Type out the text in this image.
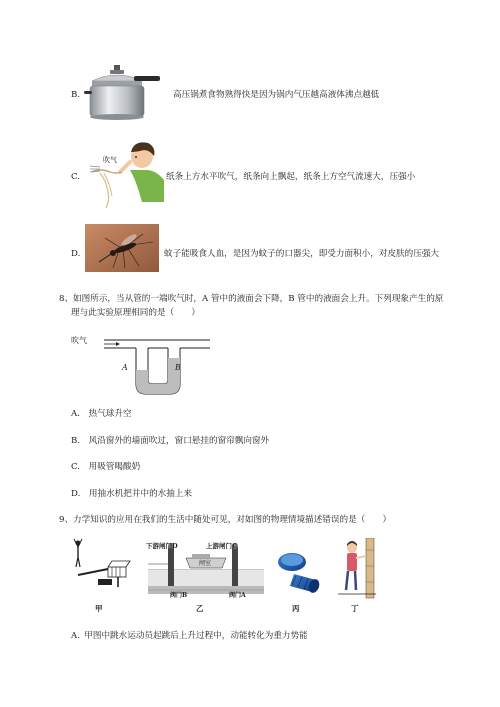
B.	高压锅煮食物熟得快是因为锅内气压越高液体沸点越低
C.
吹气
纸条上方水平吹气，纸条向上飘起，纸条上方空气流速大，压强小
D.	蚊子能吸食人血，是因为蚊子的口器尖，即受力面积小，对皮肤的压强大
8、如图所示，当从管的一端吹气时，A 管中的液面会下降，B 管中的液面会上升。下列现象产生的原
理与此实验原理相同的是（　　）
吹气
A	B
A.  热气球升空
B.  风沿窗外的墙面吹过，窗口悬挂的窗帘飘向窗外
C.  用吸管喝酸奶
D.  用抽水机把井中的水抽上来
9、力学知识的应用在我们的生活中随处可见，对如图的物理情境描述错误的是（　　）
甲
下游闸门D	上游闸门C
闸室
阀门B	阀门A
乙	丙	丁
A.  甲图中跳水运动员起跳后上升过程中，动能转化为重力势能
